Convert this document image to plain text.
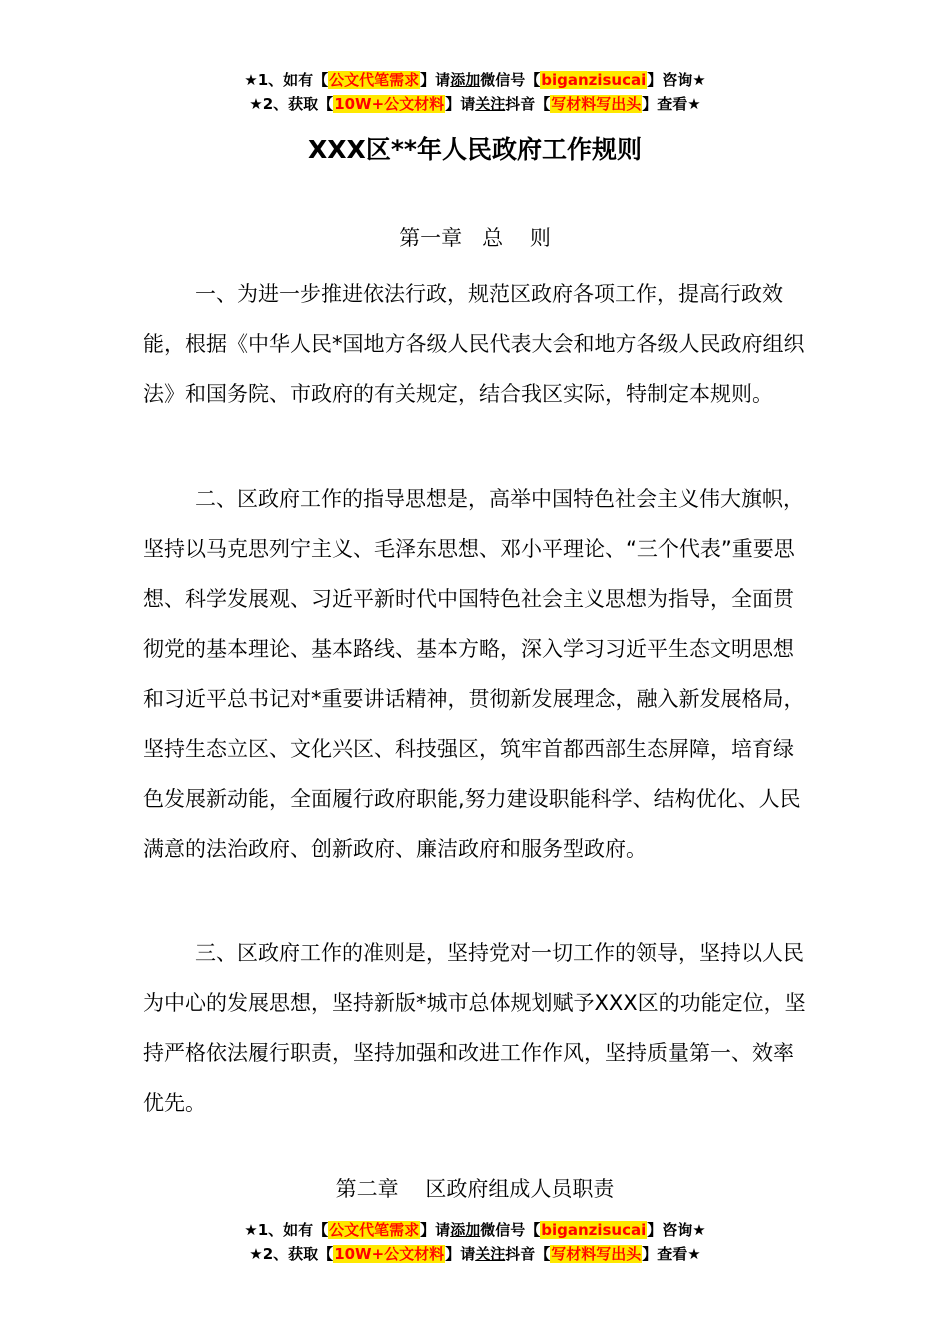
★1、如有【公文代笔需求】请添加微信号【biganzisucai】咨询★
★2、获取【10W+公文材料】请关注抖音【写材料写出头】查看★
XXX区**年人民政府工作规则
第一章   总    则

一、为进一步推进依法行政，规范区政府各项工作，提高行政效能，根据《中华人民*国地方各级人民代表大会和地方各级人民政府组织法》和国务院、市政府的有关规定，结合我区实际，特制定本规则。

二、区政府工作的指导思想是，高举中国特色社会主义伟大旗帜，坚持以马克思列宁主义、毛泽东思想、邓小平理论、“三个代表”重要思想、科学发展观、习近平新时代中国特色社会主义思想为指导，全面贯彻党的基本理论、基本路线、基本方略，深入学习习近平生态文明思想和习近平总书记对*重要讲话精神，贯彻新发展理念，融入新发展格局，坚持生态立区、文化兴区、科技强区，筑牢首都西部生态屏障，培育绿色发展新动能，全面履行政府职能,努力建设职能科学、结构优化、人民满意的法治政府、创新政府、廉洁政府和服务型政府。

三、区政府工作的准则是，坚持党对一切工作的领导，坚持以人民为中心的发展思想，坚持新版*城市总体规划赋予XXX区的功能定位，坚持严格依法履行职责，坚持加强和改进工作作风，坚持质量第一、效率优先。

第二章    区政府组成人员职责
★1、如有【公文代笔需求】请添加微信号【biganzisucai】咨询★
★2、获取【10W+公文材料】请关注抖音【写材料写出头】查看★
